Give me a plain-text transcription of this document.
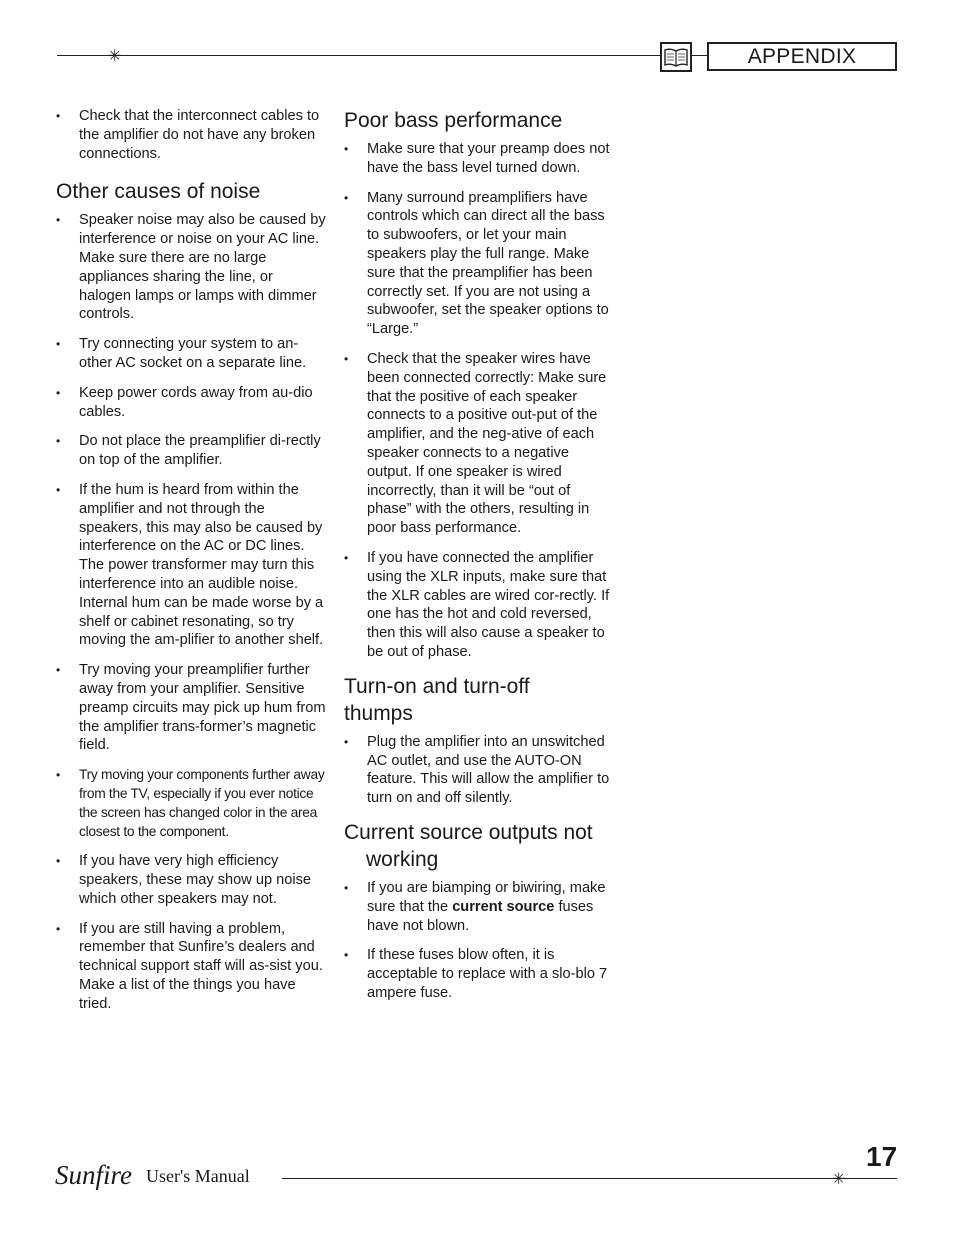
✳	APPENDIX
• Check that the interconnect cables to the amplifier do not have any broken connections.
Other causes of noise
• Speaker noise may also be caused by interference or noise on your AC line. Make sure there are no large appliances sharing the line, or halogen lamps or lamps with dimmer controls.
• Try connecting your system to an-other AC socket on a separate line.
• Keep power cords away from au-dio cables.
• Do not place the preamplifier di-rectly on top of the amplifier.
• If the hum is heard from within the amplifier and not through the speakers, this may also be caused by interference on the AC or DC lines. The power transformer may turn this interference into an audible noise. Internal hum can be made worse by a shelf or cabinet resonating, so try moving the am-plifier to another shelf.
• Try moving your preamplifier further away from your amplifier. Sensitive preamp circuits may pick up hum from the amplifier trans-former’s magnetic field.
• Try moving your components further away from the TV, especially if you ever notice the screen has changed color in the area closest to the component.
• If you have very high efficiency speakers, these may show up noise which other speakers may not.
• If you are still having a problem, remember that Sunfire’s dealers and technical support staff will as-sist you. Make a list of the things you have tried.
Poor bass performance
• Make sure that your preamp does not have the bass level turned down.
• Many surround preamplifiers have controls which can direct all the bass to subwoofers, or let your main speakers play the full range. Make sure that the preamplifier has been correctly set. If you are not using a subwoofer, set the speaker options to “Large.”
• Check that the speaker wires have been connected correctly: Make sure that the positive of each speaker connects to a positive out-put of the amplifier, and the neg-ative of each speaker connects to a negative output. If one speaker is wired incorrectly, than it will be “out of phase” with the others, resulting in poor bass performance.
• If you have connected the amplifier using the XLR inputs, make sure that the XLR cables are wired cor-rectly. If one has the hot and cold reversed, then this will also cause a speaker to be out of phase.
Turn-on and turn-off thumps
• Plug the amplifier into an unswitched AC outlet, and use the AUTO-ON feature. This will allow the amplifier to turn on and off silently.
Current source outputs not working
• If you are biamping or biwiring, make sure that the current source fuses have not blown.
• If these fuses blow often, it is acceptable to replace with a slo-blo 7 ampere fuse.
Sunfire User's Manual	✳
17
